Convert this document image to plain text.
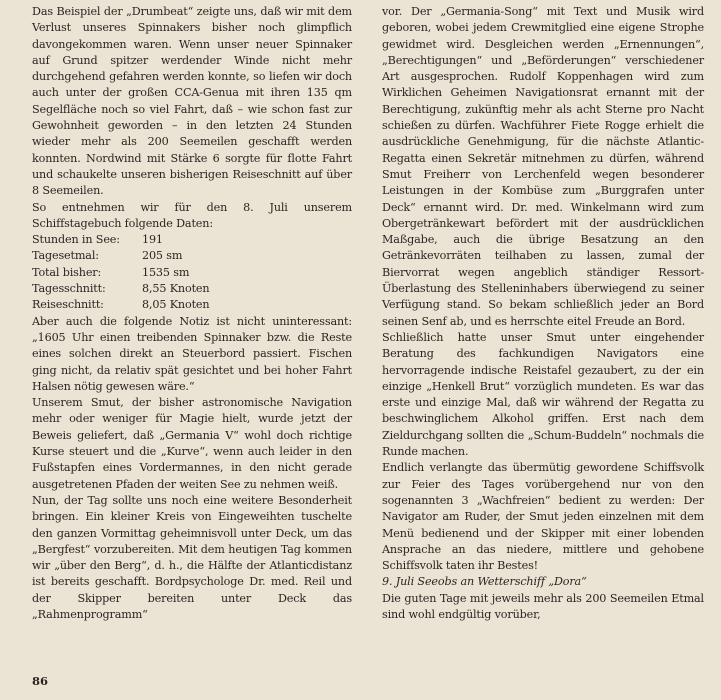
Das Beispiel der „Drumbeat“ zeigte uns, daß wir mit dem Verlust unseres Spinnakers bisher noch glimpflich davongekommen waren. Wenn unser neuer Spinnaker auf Grund spitzer werdender Winde nicht mehr durchgehend gefahren werden konnte, so liefen wir doch auch unter der großen CCA-Genua mit ihren 135 qm Segelfläche noch so viel Fahrt, daß – wie schon fast zur Gewohnheit geworden – in den letzten 24 Stunden wieder mehr als 200 Seemeilen geschafft werden konnten. Nordwind mit Stärke 6 sorgte für flotte Fahrt und schaukelte unseren bisherigen Reiseschnitt auf über 8 Seemeilen.

So entnehmen wir für den 8. Juli unserem Schiffstagebuch folgende Daten:

Stunden in See:	191
Tagesetmal:	205 sm
Total bisher:	1535 sm
Tagesschnitt:	8,55 Knoten
Reiseschnitt:	8,05 Knoten

Aber auch die folgende Notiz ist nicht uninteressant: „1605 Uhr einen treibenden Spinnaker bzw. die Reste eines solchen direkt an Steuerbord passiert. Fischen ging nicht, da relativ spät gesichtet und bei hoher Fahrt Halsen nötig gewesen wäre.“

Unserem Smut, der bisher astronomische Navigation mehr oder weniger für Magie hielt, wurde jetzt der Beweis geliefert, daß „Germania V“ wohl doch richtige Kurse steuert und die „Kurve“, wenn auch leider in den Fußstapfen eines Vordermannes, in den nicht gerade ausgetretenen Pfaden der weiten See zu nehmen weiß.

Nun, der Tag sollte uns noch eine weitere Besonderheit bringen. Ein kleiner Kreis von Eingeweihten tuschelte den ganzen Vormittag geheimnisvoll unter Deck, um das „Bergfest“ vorzubereiten. Mit dem heutigen Tag kommen wir „über den Berg“, d. h., die Hälfte der Atlanticdistanz ist bereits geschafft. Bordpsychologe Dr. med. Reil und der Skipper bereiten unter Deck das „Rahmenprogramm“

vor. Der „Germania-Song“ mit Text und Musik wird geboren, wobei jedem Crewmitglied eine eigene Strophe gewidmet wird. Desgleichen werden „Ernennungen“, „Berechtigungen“ und „Beförderungen“ verschiedener Art ausgesprochen. Rudolf Koppenhagen wird zum Wirklichen Geheimen Navigationsrat ernannt mit der Berechtigung, zukünftig mehr als acht Sterne pro Nacht schießen zu dürfen. Wachführer Fiete Rogge erhielt die ausdrückliche Genehmigung, für die nächste Atlantic-Regatta einen Sekretär mitnehmen zu dürfen, während Smut Freiherr von Lerchenfeld wegen besonderer Leistungen in der Kombüse zum „Burggrafen unter Deck“ ernannt wird. Dr. med. Winkelmann wird zum Obergetränkewart befördert mit der ausdrücklichen Maßgabe, auch die übrige Besatzung an den Getränkevorräten teilhaben zu lassen, zumal der Biervorrat wegen angeblich ständiger Ressort-Überlastung des Stelleninhabers überwiegend zu seiner Verfügung stand. So bekam schließlich jeder an Bord seinen Senf ab, und es herrschte eitel Freude an Bord.

Schließlich hatte unser Smut unter eingehender Beratung des fachkundigen Navigators eine hervorragende indische Reistafel gezaubert, zu der ein einzige „Henkell Brut“ vorzüglich mundeten. Es war das erste und einzige Mal, daß wir während der Regatta zu beschwinglichem Alkohol griffen. Erst nach dem Zieldurchgang sollten die „Schum-Buddeln“ nochmals die Runde machen.

Endlich verlangte das übermütig gewordene Schiffsvolk zur Feier des Tages vorübergehend nur von den sogenannten 3 „Wachfreien“ bedient zu werden: Der Navigator am Ruder, der Smut jeden einzelnen mit dem Menü bedienend und der Skipper mit einer lobenden Ansprache an das niedere, mittlere und gehobene Schiffsvolk taten ihr Bestes!

9. Juli Seeobs an Wetterschiff „Dora“

Die guten Tage mit jeweils mehr als 200 Seemeilen Etmal sind wohl endgültig vorüber,

86
